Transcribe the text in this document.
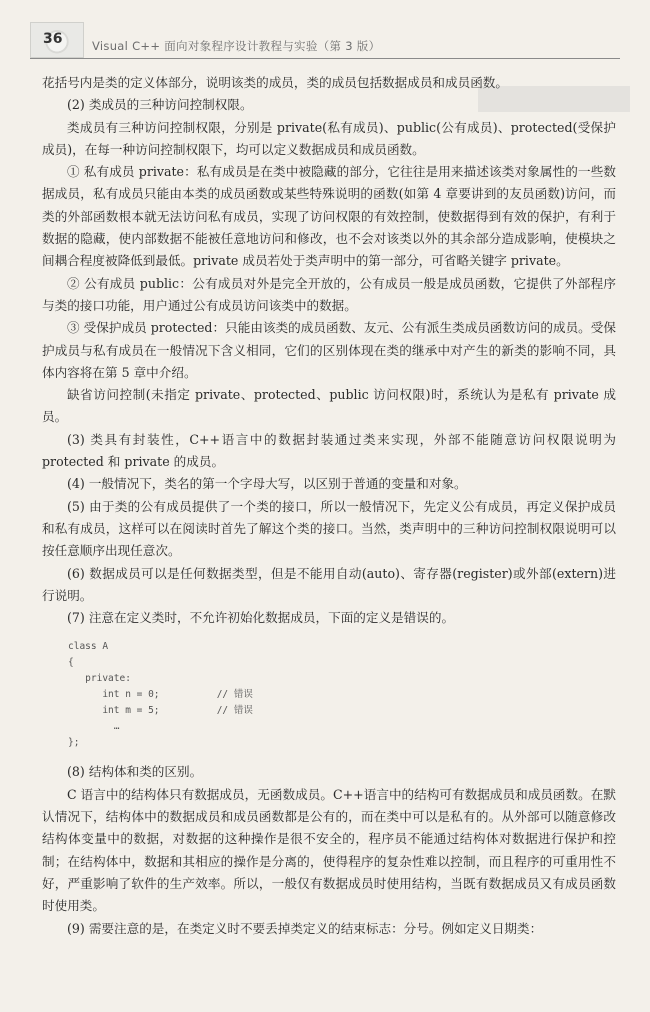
36	Visual C++ 面向对象程序设计教程与实验（第 3 版）

花括号内是类的定义体部分，说明该类的成员，类的成员包括数据成员和成员函数。

(2) 类成员的三种访问控制权限。

类成员有三种访问控制权限，分别是 private(私有成员)、public(公有成员)、protected(受保护成员)，在每一种访问控制权限下，均可以定义数据成员和成员函数。

① 私有成员 private：私有成员是在类中被隐藏的部分，它往往是用来描述该类对象属性的一些数据成员，私有成员只能由本类的成员函数或某些特殊说明的函数(如第 4 章要讲到的友员函数)访问，而类的外部函数根本就无法访问私有成员，实现了访问权限的有效控制，使数据得到有效的保护，有利于数据的隐藏，使内部数据不能被任意地访问和修改，也不会对该类以外的其余部分造成影响，使模块之间耦合程度被降低到最低。private 成员若处于类声明中的第一部分，可省略关键字 private。

② 公有成员 public：公有成员对外是完全开放的，公有成员一般是成员函数，它提供了外部程序与类的接口功能，用户通过公有成员访问该类中的数据。

③ 受保护成员 protected：只能由该类的成员函数、友元、公有派生类成员函数访问的成员。受保护成员与私有成员在一般情况下含义相同，它们的区别体现在类的继承中对产生的新类的影响不同，具体内容将在第 5 章中介绍。

缺省访问控制(未指定 private、protected、public 访问权限)时，系统认为是私有 private 成员。

(3) 类具有封装性，C++语言中的数据封装通过类来实现，外部不能随意访问权限说明为 protected 和 private 的成员。

(4) 一般情况下，类名的第一个字母大写，以区别于普通的变量和对象。

(5) 由于类的公有成员提供了一个类的接口，所以一般情况下，先定义公有成员，再定义保护成员和私有成员，这样可以在阅读时首先了解这个类的接口。当然，类声明中的三种访问控制权限说明可以按任意顺序出现任意次。

(6) 数据成员可以是任何数据类型，但是不能用自动(auto)、寄存器(register)或外部(extern)进行说明。

(7) 注意在定义类时，不允许初始化数据成员，下面的定义是错误的。

class A
{
private:
int n = 0;          // 错误
int m = 5;          // 错误
…
};

(8) 结构体和类的区别。

C 语言中的结构体只有数据成员，无函数成员。C++语言中的结构可有数据成员和成员函数。在默认情况下，结构体中的数据成员和成员函数都是公有的，而在类中可以是私有的。从外部可以随意修改结构体变量中的数据，对数据的这种操作是很不安全的，程序员不能通过结构体对数据进行保护和控制；在结构体中，数据和其相应的操作是分离的，使得程序的复杂性难以控制，而且程序的可重用性不好，严重影响了软件的生产效率。所以，一般仅有数据成员时使用结构，当既有数据成员又有成员函数时使用类。

(9) 需要注意的是，在类定义时不要丢掉类定义的结束标志：分号。例如定义日期类：
